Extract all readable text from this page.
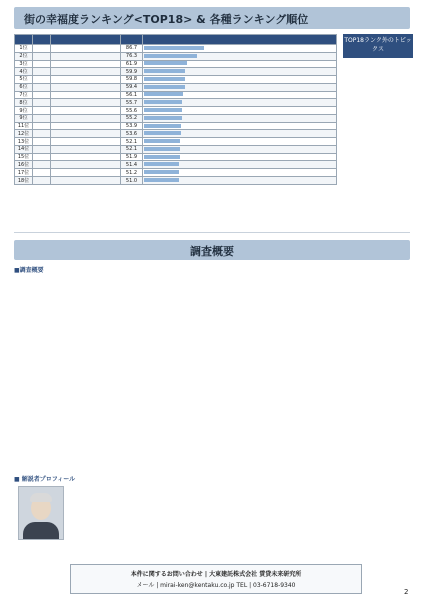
街の幸福度ランキング<TOP18> & 各種ランキング順位

1位			86.7	
2位			76.3	
3位			61.9	
4位			59.9	
5位			59.8	
6位			59.4	
7位			56.1	
8位			55.7	
9位			55.6	
9位			55.2	
11位			53.9	
12位			53.6	
13位			52.1	
14位			52.1	
15位			51.9	
16位			51.4	
17位			51.2	
18位			51.0	
TOP18ランク外のトピックス
調査概要
■調査概要
■ 解説者プロフィール
本件に関するお問い合わせ | 大東建託株式会社 賃貸未来研究所
メール | mirai-ken@kentaku.co.jp TEL | 03-6718-9340
2
